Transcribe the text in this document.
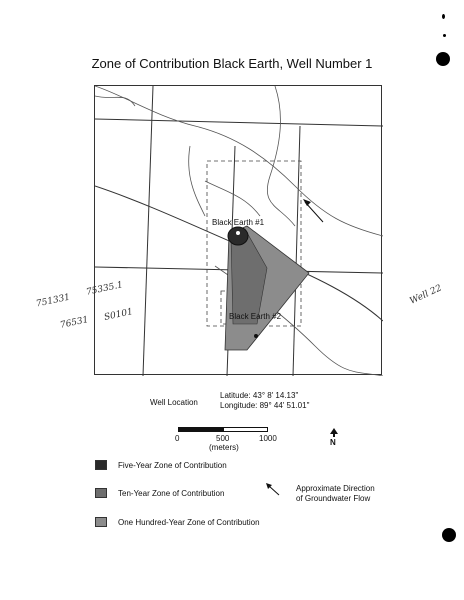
Zone of Contribution Black Earth, Well Number 1
Black Earth #1
Black Earth #2
Well Location
Latitude: 43° 8' 14.13"
Longitude: 89° 44' 51.01"
0	500	1000
(meters)
N
Five-Year Zone of Contribution
Ten-Year Zone of Contribution
One Hundred-Year Zone of Contribution
Approximate Direction
of Groundwater Flow
751331
75335.1
76531
S0101
Well 22
